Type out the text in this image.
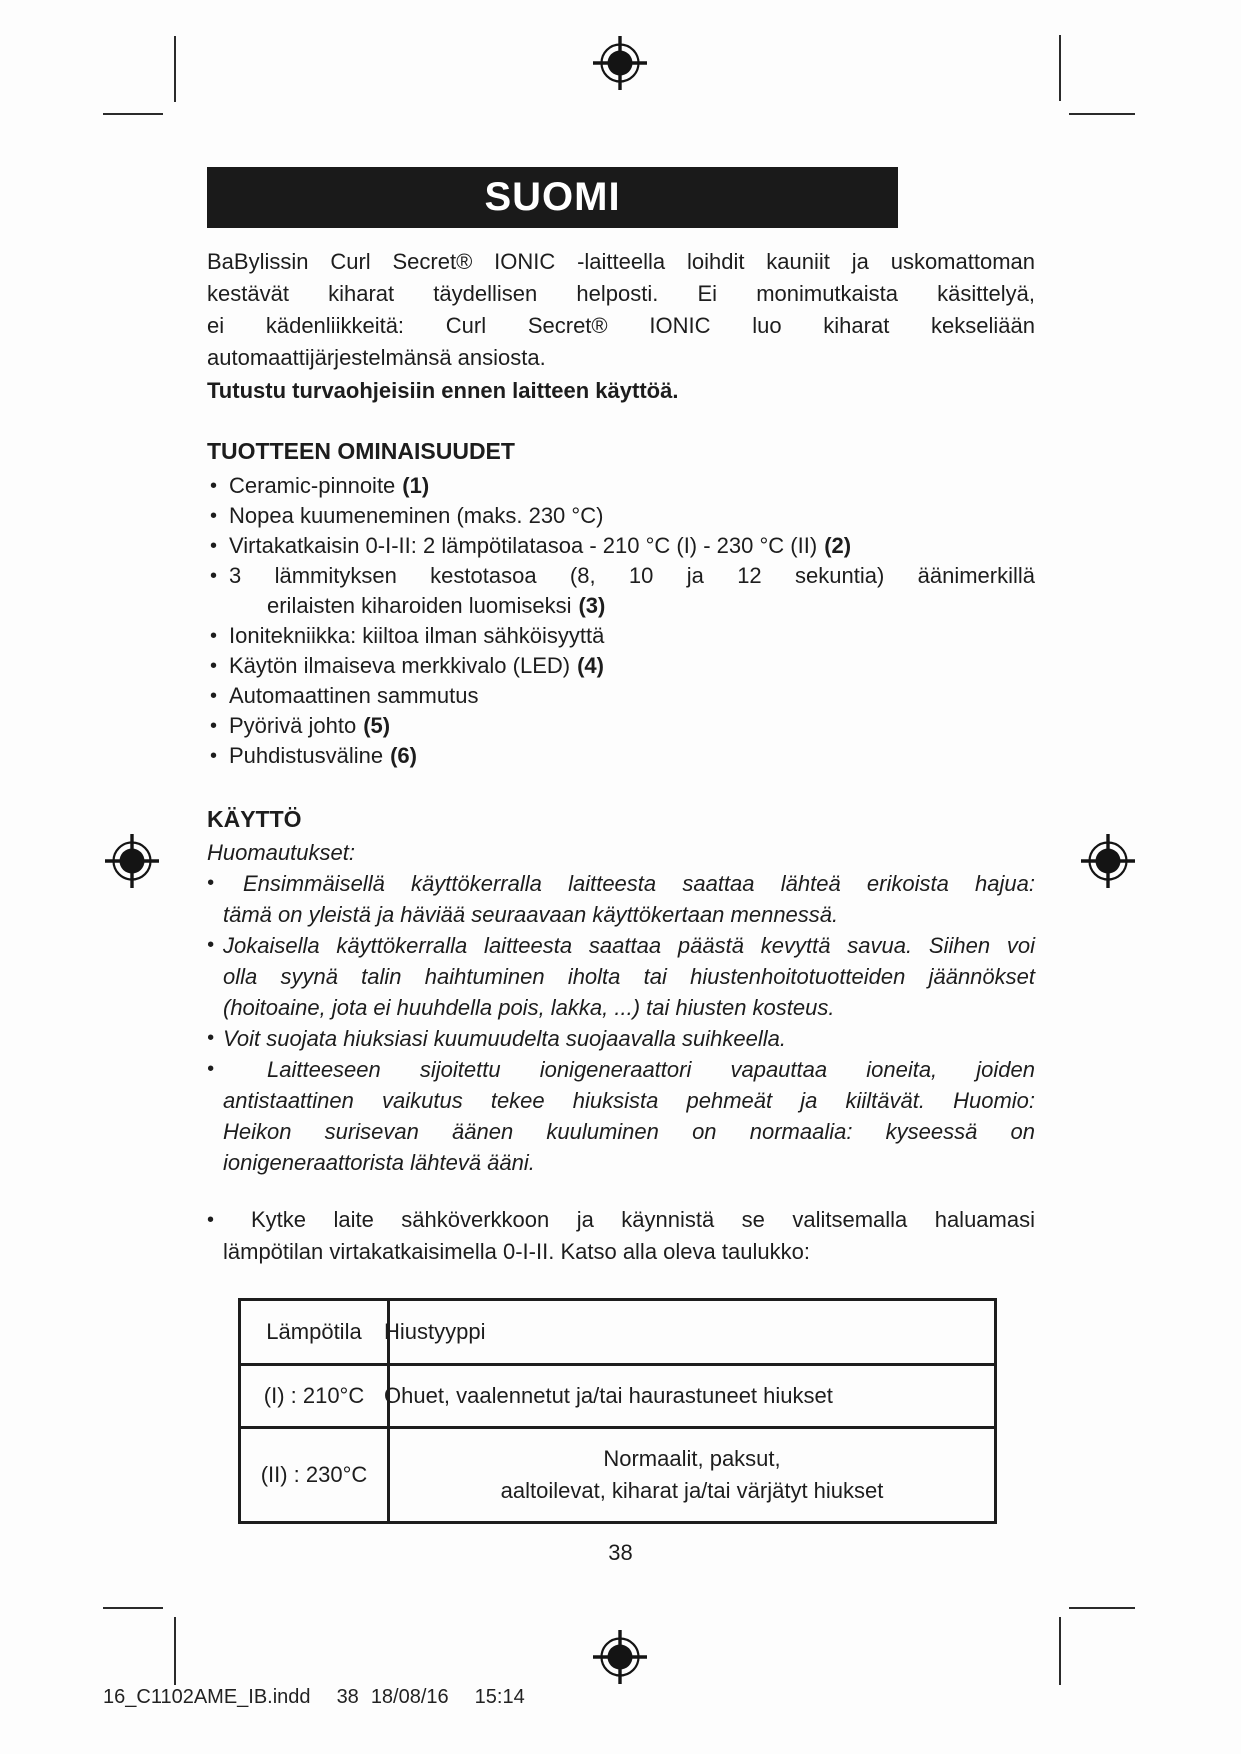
SUOMI
BaBylissin Curl Secret® IONIC -laitteella loihdit kauniit ja uskomattoman
kestävät kiharat täydellisen helposti. Ei monimutkaista käsittelyä,
ei kädenliikkeitä: Curl Secret® IONIC luo kiharat kekseliään
automaattijärjestelmänsä ansiosta.
Tutustu turvaohjeisiin ennen laitteen käyttöä.
TUOTTEEN OMINAISUUDET
• Ceramic-pinnoite (1)
• Nopea kuumeneminen (maks. 230 °C)
• Virtakatkaisin 0-I-II: 2 lämpötilatasoa - 210 °C (I) - 230 °C (II) (2)
• 3 lämmityksen kestotasoa (8, 10 ja 12 sekuntia) äänimerkillä
erilaisten kiharoiden luomiseksi (3)
• Ionitekniikka: kiiltoa ilman sähköisyyttä
• Käytön ilmaiseva merkkivalo (LED) (4)
• Automaattinen sammutus
• Pyörivä johto (5)
• Puhdistusväline (6)
KÄYTTÖ
Huomautukset:
•	Ensimmäisellä käyttökerralla laitteesta saattaa lähteä erikoista hajua:
tämä on yleistä ja häviää seuraavaan käyttökertaan mennessä.
• Jokaisella käyttökerralla laitteesta saattaa päästä kevyttä savua. Siihen voi
olla syynä talin haihtuminen iholta tai hiustenhoitotuotteiden jäännökset
(hoitoaine, jota ei huuhdella pois, lakka, ...) tai hiusten kosteus.
• Voit suojata hiuksiasi kuumuudelta suojaavalla suihkeella.
•	Laitteeseen sijoitettu ionigeneraattori vapauttaa ioneita, joiden
antistaattinen vaikutus tekee hiuksista pehmeät ja kiiltävät. Huomio:
Heikon surisevan äänen kuuluminen on normaalia: kyseessä on
ionigeneraattorista lähtevä ääni.
•	Kytke laite sähköverkkoon ja käynnistä se valitsemalla haluamasi
lämpötilan virtakatkaisimella 0-I-II. Katso alla oleva taulukko:
Lämpötila	Hiustyyppi
(I) : 210°C	Ohuet, vaalennetut ja/tai haurastuneet hiukset
(II) : 230°C	Normaalit, paksut,
aaltoilevat, kiharat ja/tai värjätyt hiukset
38
16_C1102AME_IB.indd 38 18/08/16 15:14
